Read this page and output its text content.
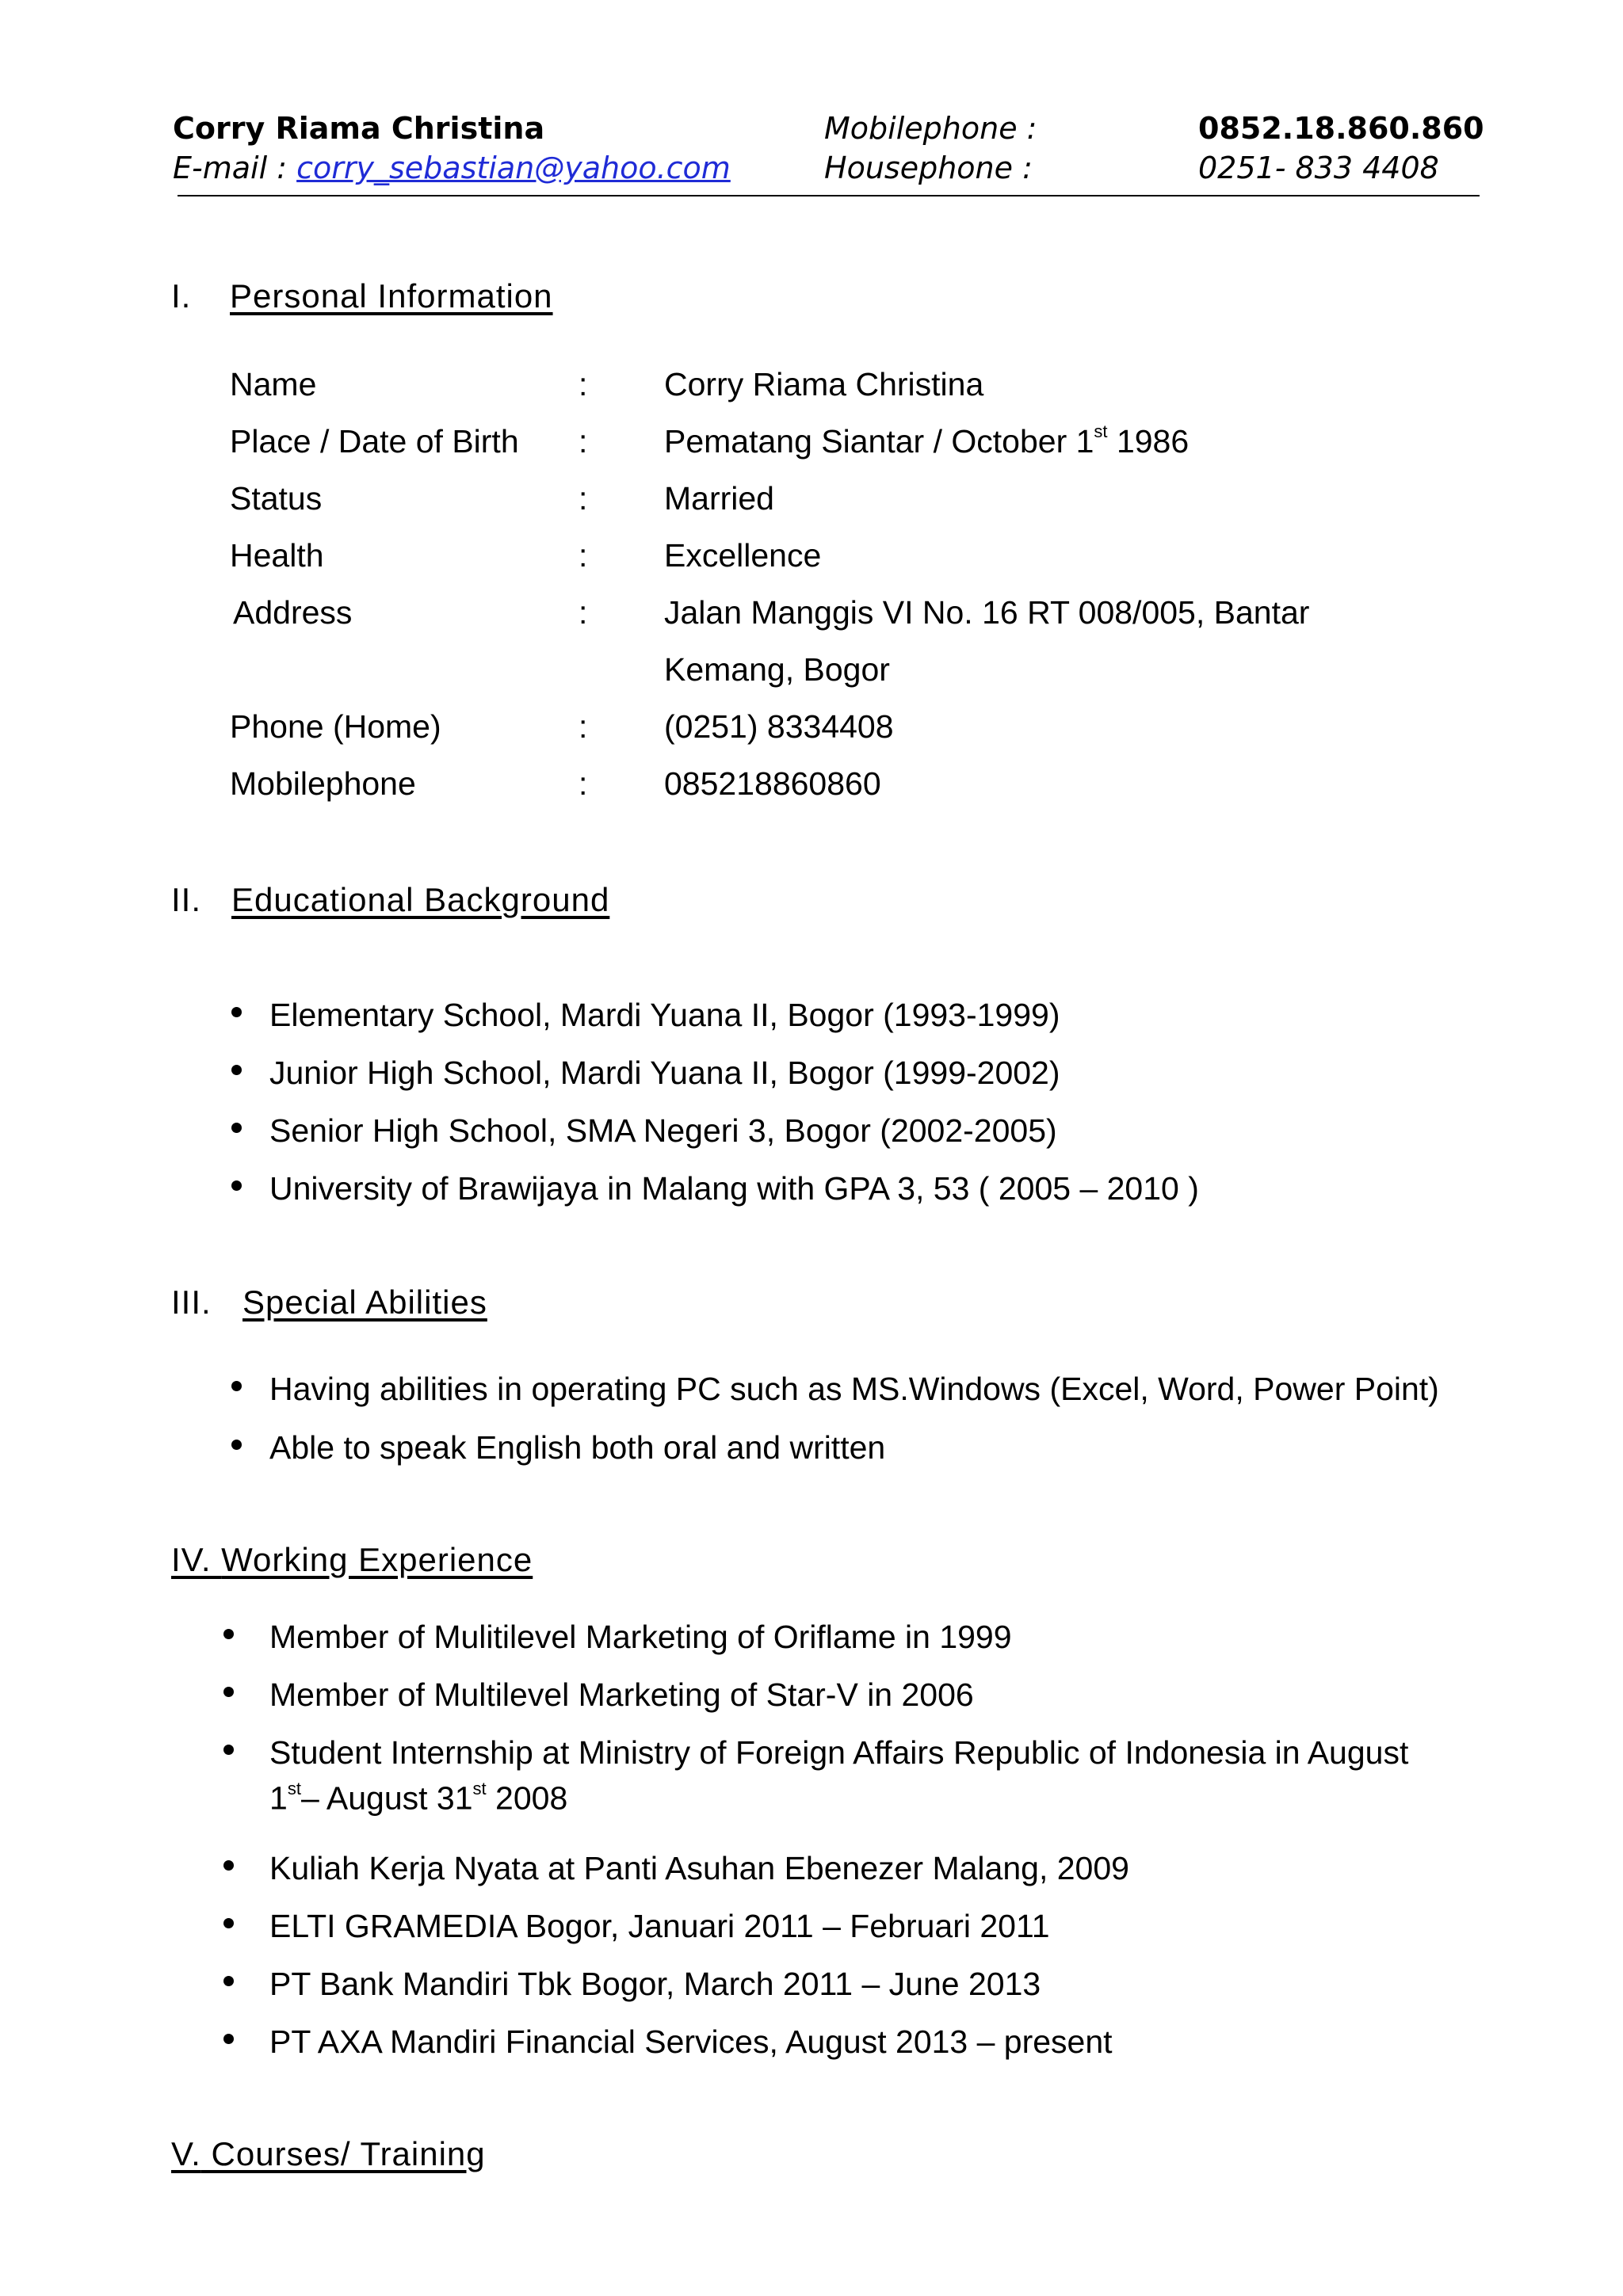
Corry Riama Christina
E-mail : corry_sebastian@yahoo.com
Mobilephone :	0852.18.860.860
Housephone :	0251- 833 4408
I. Personal Information
Name	: Corry Riama Christina
Place / Date of Birth : Pematang Siantar / October 1st 1986
Status	: Married
Health	: Excellence
Address	: Jalan Manggis VI No. 16 RT 008/005, Bantar
Kemang, Bogor
Phone (Home)	: (0251) 8334408
Mobilephone	: 085218860860
II. Educational Background
Elementary School, Mardi Yuana II, Bogor (1993-1999)
Junior High School, Mardi Yuana II, Bogor (1999-2002)
Senior High School, SMA Negeri 3, Bogor (2002-2005)
University of Brawijaya in Malang with GPA 3, 53 ( 2005 – 2010 )
III. Special Abilities
Having abilities in operating PC such as MS.Windows (Excel, Word, Power Point)
Able to speak English both oral and written
IV. Working Experience
Member of Mulitilevel Marketing of Oriflame in 1999
Member of Multilevel Marketing of Star-V in 2006
Student Internship at Ministry of Foreign Affairs Republic of Indonesia in August
1st– August 31st 2008
Kuliah Kerja Nyata at Panti Asuhan Ebenezer Malang, 2009
ELTI GRAMEDIA Bogor, Januari 2011 – Februari 2011
PT Bank Mandiri Tbk Bogor, March 2011 – June 2013
PT AXA Mandiri Financial Services, August 2013 – present
V. Courses/ Training
